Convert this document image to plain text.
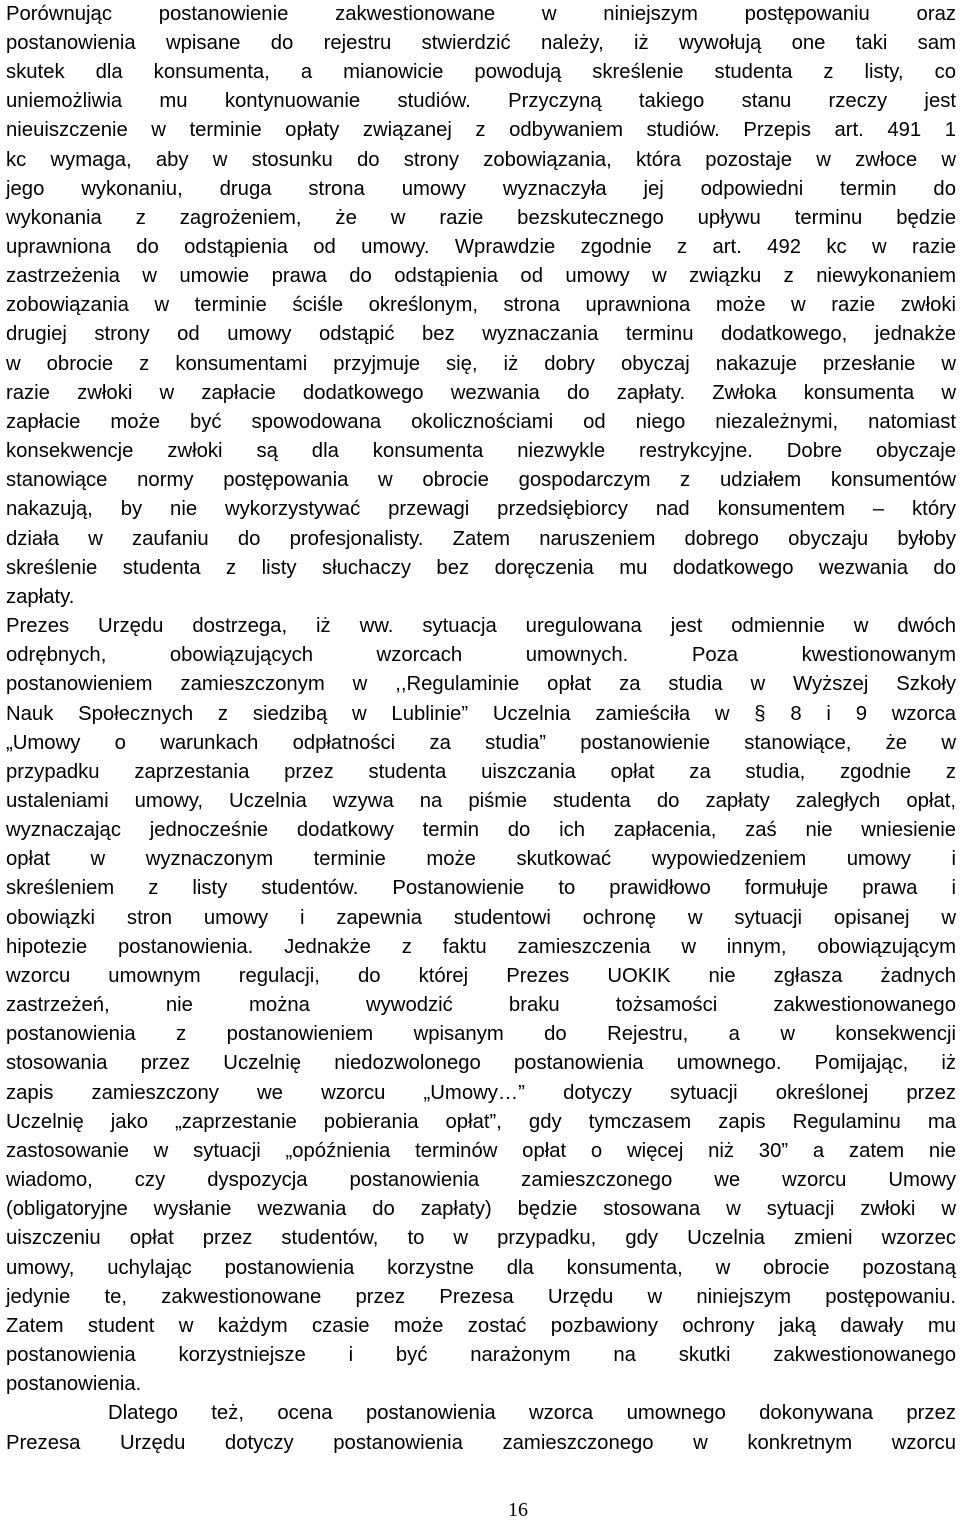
Porównując postanowienie zakwestionowane w niniejszym postępowaniu oraz
postanowienia wpisane do rejestru stwierdzić należy, iż wywołują one taki sam
skutek dla konsumenta, a mianowicie powodują skreślenie studenta z listy, co
uniemożliwia mu kontynuowanie studiów. Przyczyną takiego stanu rzeczy jest
nieuiszczenie w terminie opłaty związanej z odbywaniem studiów. Przepis art. 491 1
kc wymaga, aby w stosunku do strony zobowiązania, która pozostaje w zwłoce w
jego wykonaniu, druga strona umowy wyznaczyła jej odpowiedni termin do
wykonania z zagrożeniem, że w razie bezskutecznego upływu terminu będzie
uprawniona do odstąpienia od umowy. Wprawdzie zgodnie z art. 492 kc w razie
zastrzeżenia w umowie prawa do odstąpienia od umowy w związku z niewykonaniem
zobowiązania w terminie ściśle określonym, strona uprawniona może w razie zwłoki
drugiej strony od umowy odstąpić bez wyznaczania terminu dodatkowego, jednakże
w obrocie z konsumentami przyjmuje się, iż dobry obyczaj nakazuje przesłanie w
razie zwłoki w zapłacie dodatkowego wezwania do zapłaty. Zwłoka konsumenta w
zapłacie może być spowodowana okolicznościami od niego niezależnymi, natomiast
konsekwencje zwłoki są dla konsumenta niezwykle restrykcyjne. Dobre obyczaje
stanowiące normy postępowania w obrocie gospodarczym z udziałem konsumentów
nakazują, by nie wykorzystywać przewagi przedsiębiorcy nad konsumentem – który
działa w zaufaniu do profesjonalisty. Zatem naruszeniem dobrego obyczaju byłoby
skreślenie studenta z listy słuchaczy bez doręczenia mu dodatkowego wezwania do
zapłaty.
Prezes Urzędu dostrzega, iż ww. sytuacja uregulowana jest odmiennie w dwóch
odrębnych, obowiązujących wzorcach umownych. Poza kwestionowanym
postanowieniem zamieszczonym w ,,Regulaminie opłat za studia w Wyższej Szkoły
Nauk Społecznych z siedzibą w Lublinie” Uczelnia zamieściła w § 8 i 9 wzorca
„Umowy o warunkach odpłatności za studia” postanowienie stanowiące, że w
przypadku zaprzestania przez studenta uiszczania opłat za studia, zgodnie z
ustaleniami umowy, Uczelnia wzywa na piśmie studenta do zapłaty zaległych opłat,
wyznaczając jednocześnie dodatkowy termin do ich zapłacenia, zaś nie wniesienie
opłat w wyznaczonym terminie może skutkować wypowiedzeniem umowy i
skreśleniem z listy studentów. Postanowienie to prawidłowo formułuje prawa i
obowiązki stron umowy i zapewnia studentowi ochronę w sytuacji opisanej w
hipotezie postanowienia. Jednakże z faktu zamieszczenia w innym, obowiązującym
wzorcu umownym regulacji, do której Prezes UOKIK nie zgłasza żadnych
zastrzeżeń, nie można wywodzić braku tożsamości zakwestionowanego
postanowienia z postanowieniem wpisanym do Rejestru, a w konsekwencji
stosowania przez Uczelnię niedozwolonego postanowienia umownego. Pomijając, iż
zapis zamieszczony we wzorcu „Umowy…” dotyczy sytuacji określonej przez
Uczelnię jako „zaprzestanie pobierania opłat”, gdy tymczasem zapis Regulaminu ma
zastosowanie w sytuacji „opóźnienia terminów opłat o więcej niż 30” a zatem nie
wiadomo, czy dyspozycja postanowienia zamieszczonego we wzorcu Umowy
(obligatoryjne wysłanie wezwania do zapłaty) będzie stosowana w sytuacji zwłoki w
uiszczeniu opłat przez studentów, to w przypadku, gdy Uczelnia zmieni wzorzec
umowy, uchylając postanowienia korzystne dla konsumenta, w obrocie pozostaną
jedynie te, zakwestionowane przez Prezesa Urzędu w niniejszym postępowaniu.
Zatem student w każdym czasie może zostać pozbawiony ochrony jaką dawały mu
postanowienia korzystniejsze i być narażonym na skutki zakwestionowanego
postanowienia.
Dlatego też, ocena postanowienia wzorca umownego dokonywana przez
Prezesa Urzędu dotyczy postanowienia zamieszczonego w konkretnym wzorcu
16
